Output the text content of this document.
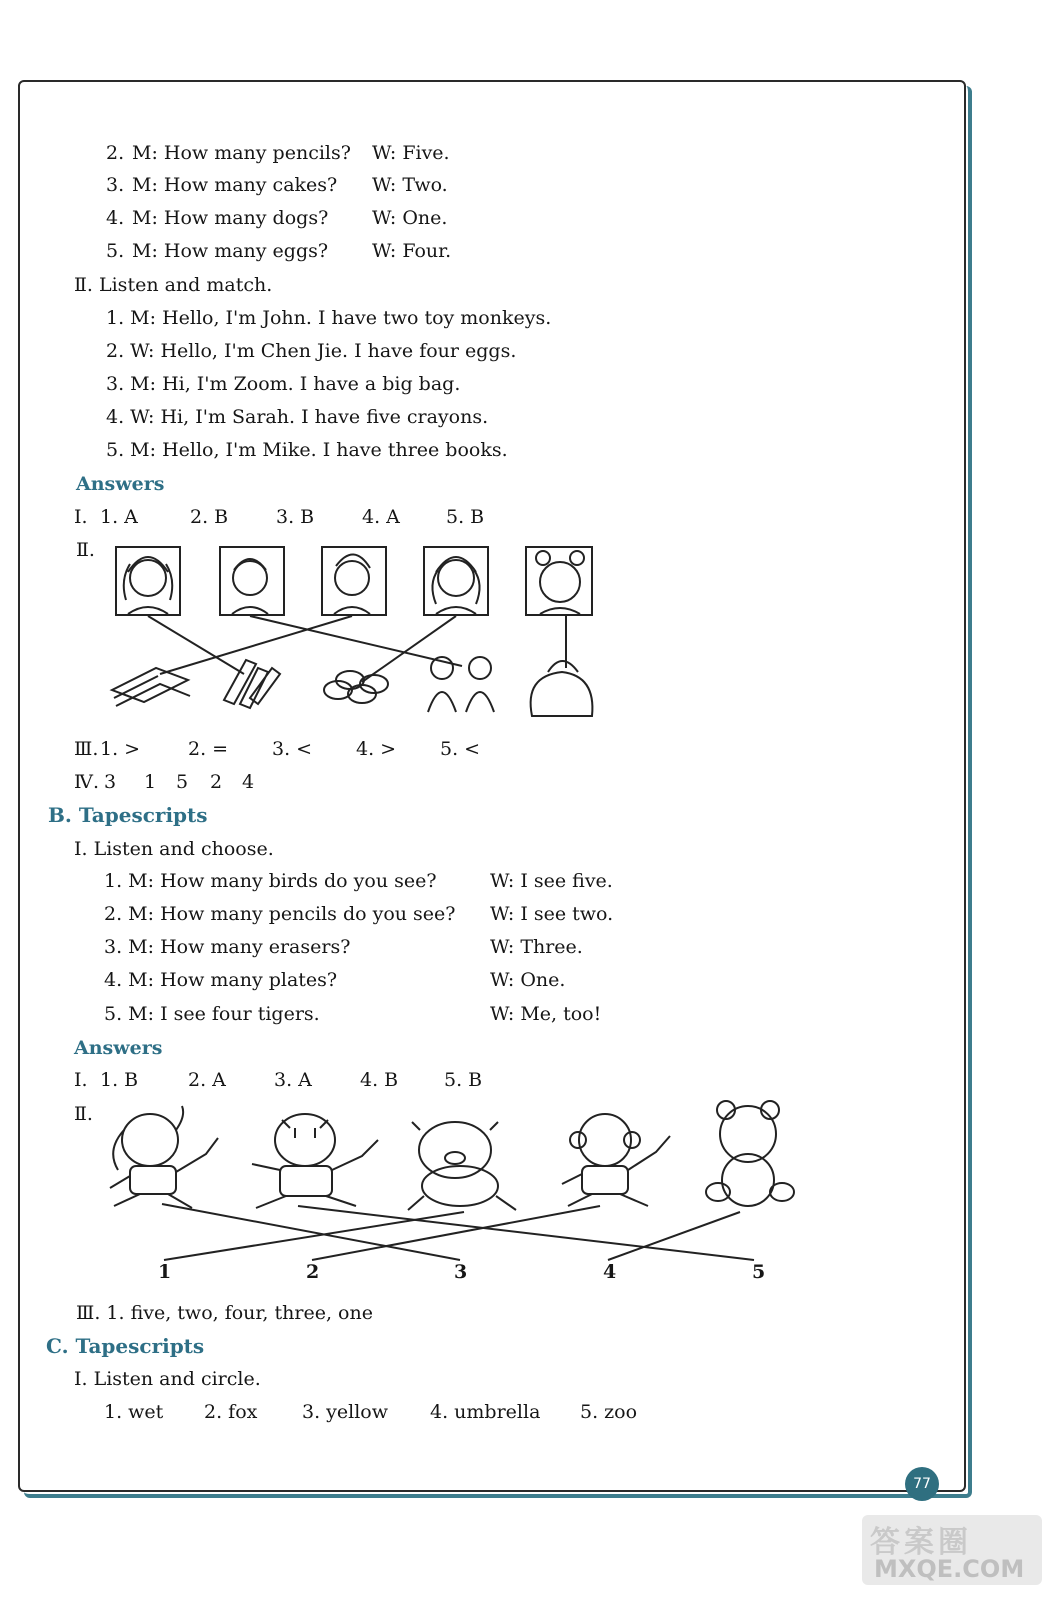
2. M: How many pencils? W: Five.
3. M: How many cakes? W: Two.
4. M: How many dogs? W: One.
5. M: How many eggs? W: Four.
Ⅱ. Listen and match.
1. M: Hello, I'm John. I have two toy monkeys.
2. W: Hello, I'm Chen Jie. I have four eggs.
3. M: Hi, I'm Zoom. I have a big bag.
4. W: Hi, I'm Sarah. I have five crayons.
5. M: Hello, I'm Mike. I have three books.
Answers
Ⅰ. 1. A	2. B	3. B	4. A 5. B
Ⅱ.
Ⅲ. 1. >	2. = 3. < 4. > 5. <
Ⅳ. 3 1 5 2 4
B. Tapescripts
Ⅰ. Listen and choose.
1. M: How many birds do you see?	W: I see five.
2. M: How many pencils do you see? W: I see two.
3. M: How many erasers?	W: Three.
4. M: How many plates?	W: One.
5. M: I see four tigers.	W: Me, too!
Answers
Ⅰ. 1. B	2. A	3. A	4. B 5. B
Ⅱ.
1	2	3	4	5
Ⅲ. 1. five, two, four, three, one
C. Tapescripts
Ⅰ. Listen and circle.
1. wet 2. fox 3. yellow 4. umbrella 5. zoo
77
答案圈
MXQE.COM
